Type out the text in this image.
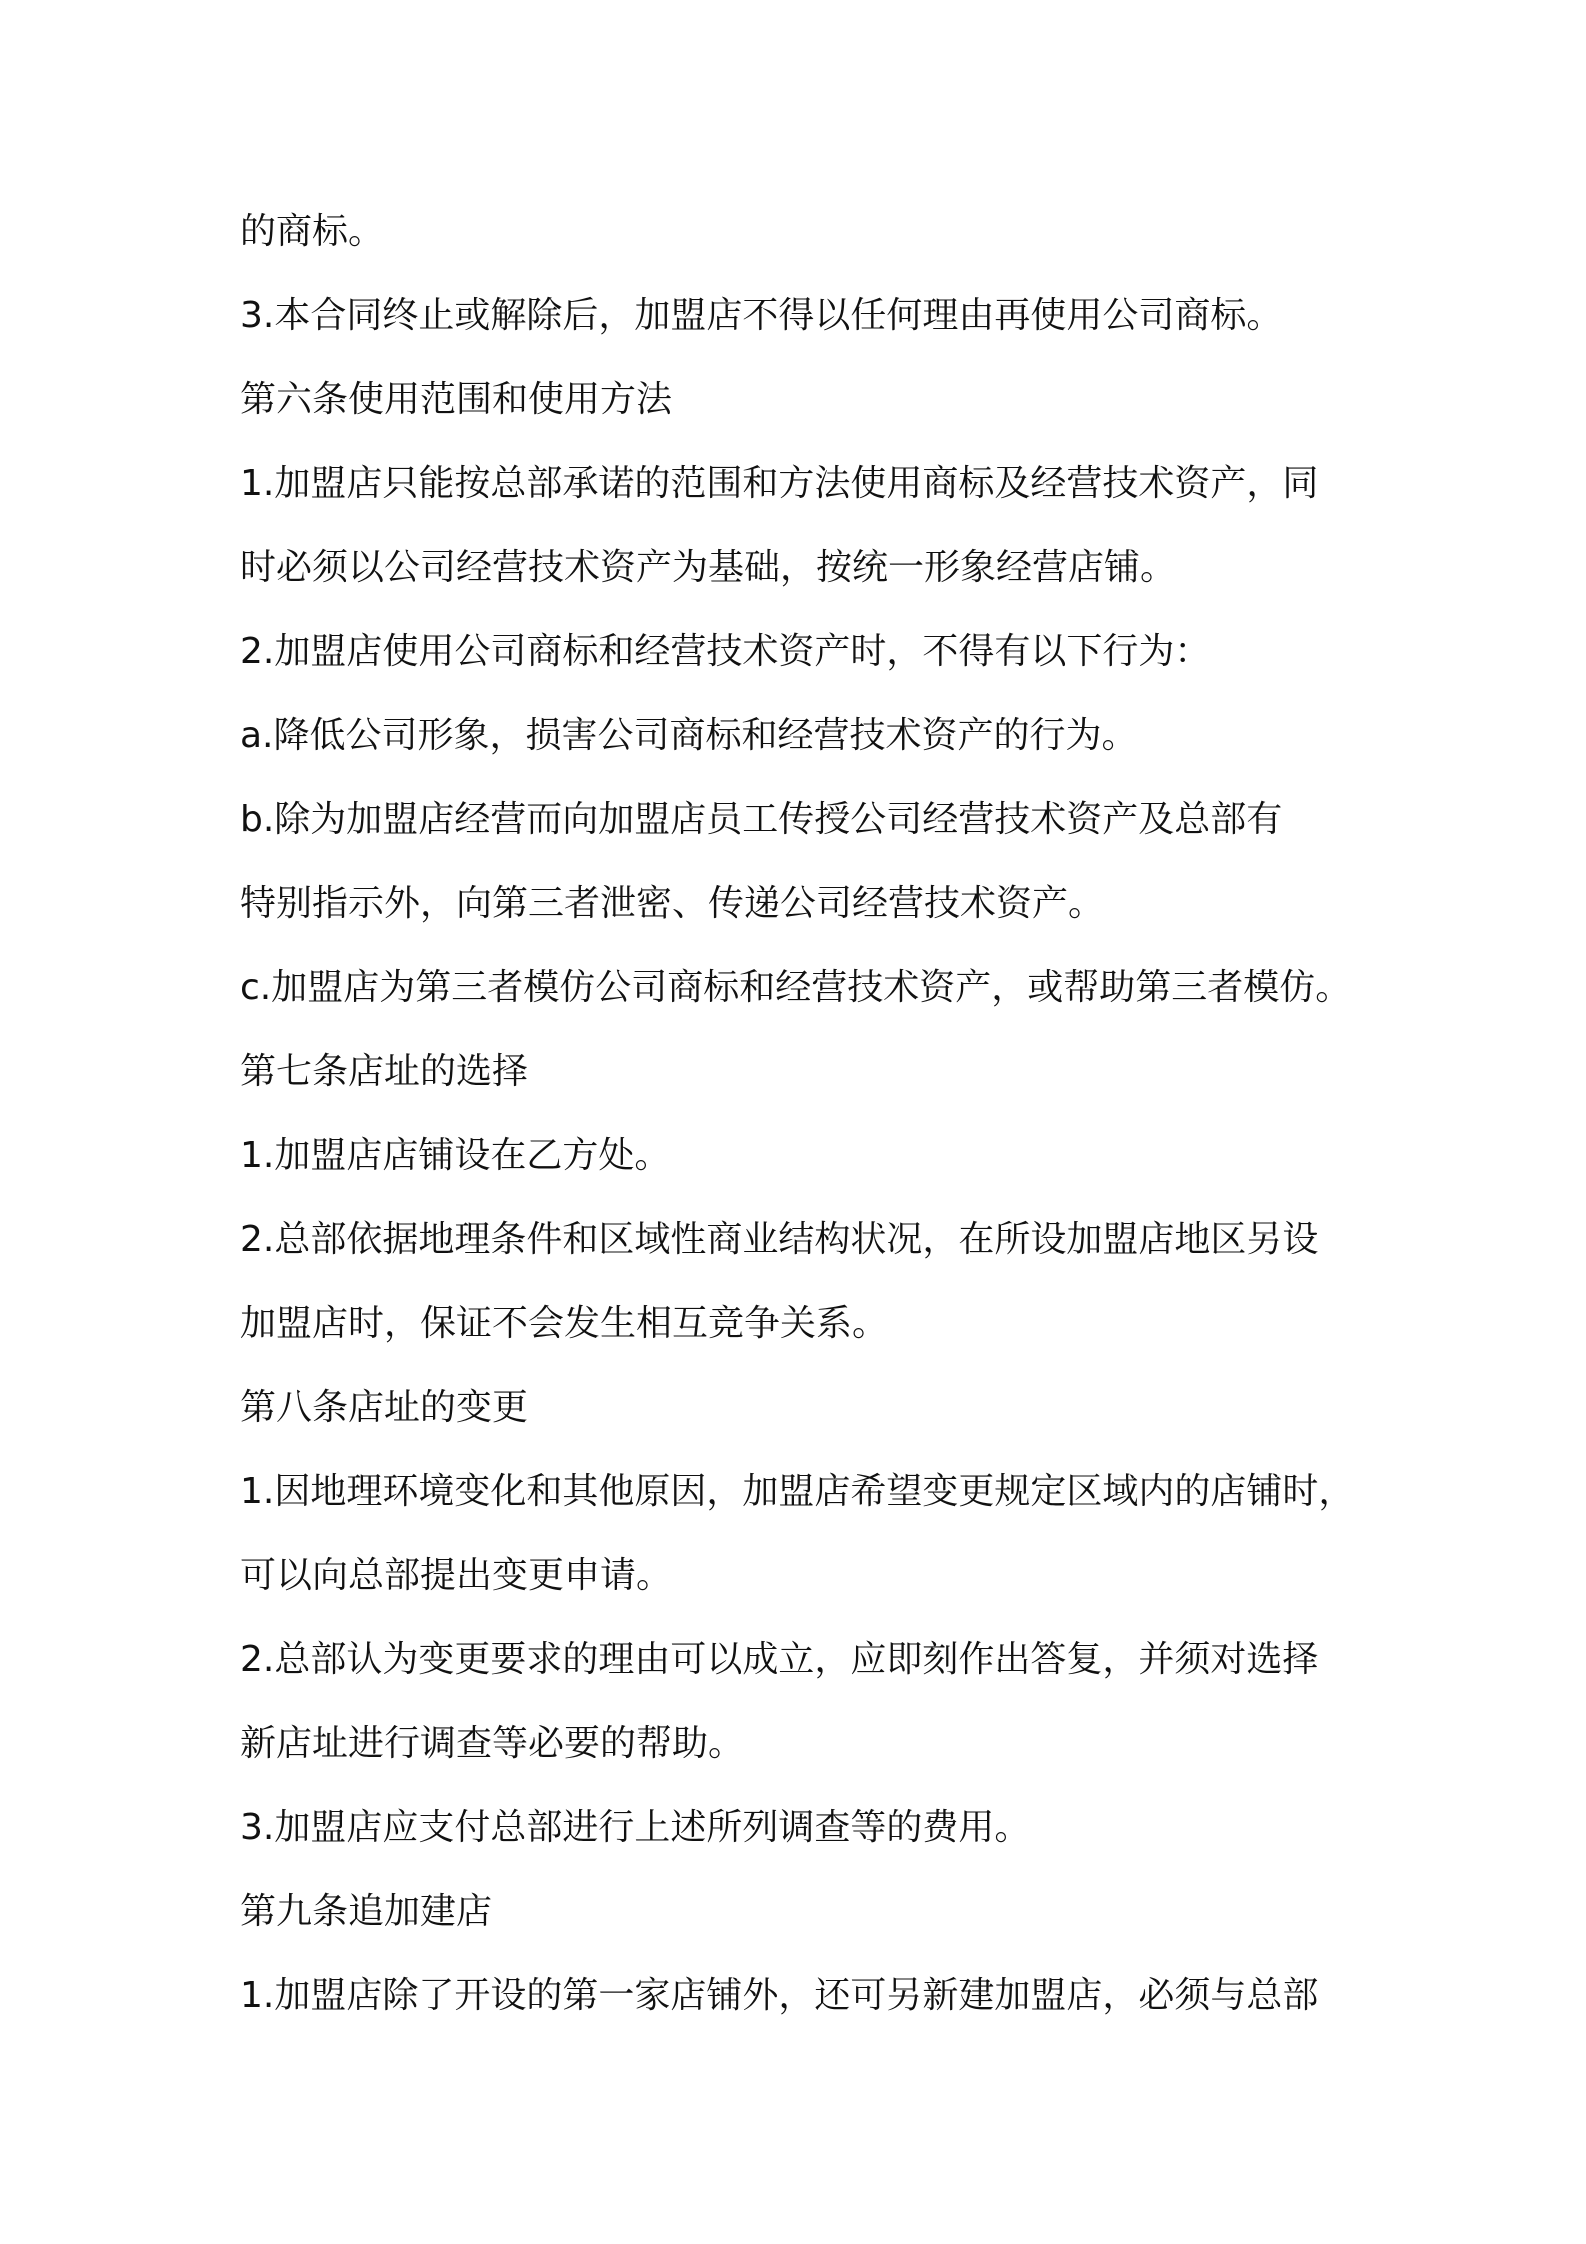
的商标。
3.本合同终止或解除后，加盟店不得以任何理由再使用公司商标。
第六条使用范围和使用方法
1.加盟店只能按总部承诺的范围和方法使用商标及经营技术资产，同
时必须以公司经营技术资产为基础，按统一形象经营店铺。
2.加盟店使用公司商标和经营技术资产时，不得有以下行为：
a.降低公司形象，损害公司商标和经营技术资产的行为。
b.除为加盟店经营而向加盟店员工传授公司经营技术资产及总部有
特别指示外，向第三者泄密、传递公司经营技术资产。
c.加盟店为第三者模仿公司商标和经营技术资产，或帮助第三者模仿。
第七条店址的选择
1.加盟店店铺设在乙方处。
2.总部依据地理条件和区域性商业结构状况，在所设加盟店地区另设
加盟店时，保证不会发生相互竞争关系。
第八条店址的变更
1.因地理环境变化和其他原因，加盟店希望变更规定区域内的店铺时，
可以向总部提出变更申请。
2.总部认为变更要求的理由可以成立，应即刻作出答复，并须对选择
新店址进行调查等必要的帮助。
3.加盟店应支付总部进行上述所列调查等的费用。
第九条追加建店
1.加盟店除了开设的第一家店铺外，还可另新建加盟店，必须与总部
